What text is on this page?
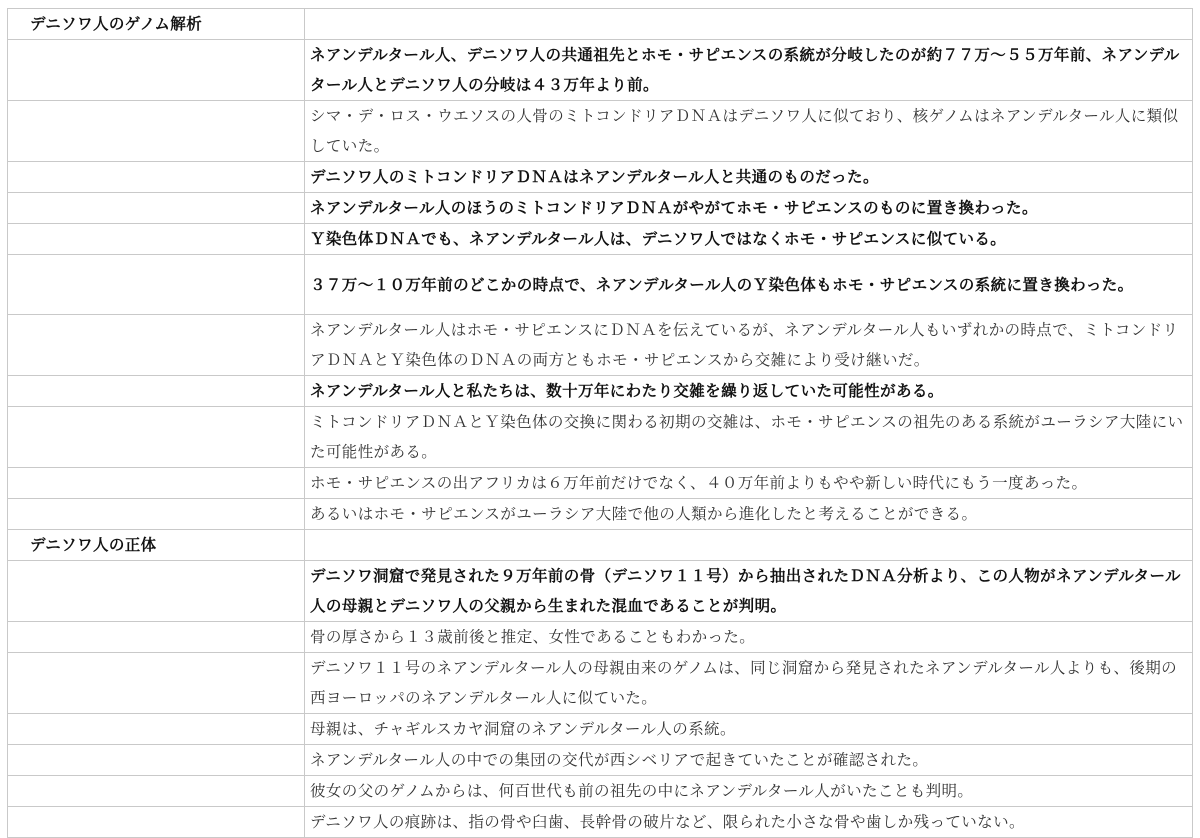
デニソワ人のゲノム解析	
	ネアンデルタール人、デニソワ人の共通祖先とホモ・サピエンスの系統が分岐したのが約７７万～５５万年前、ネアンデルタール人とデニソワ人の分岐は４３万年より前。
	シマ・デ・ロス・ウエソスの人骨のミトコンドリアＤＮＡはデニソワ人に似ており、核ゲノムはネアンデルタール人に類似していた。
	デニソワ人のミトコンドリアＤＮＡはネアンデルタール人と共通のものだった。
	ネアンデルタール人のほうのミトコンドリアＤＮＡがやがてホモ・サピエンスのものに置き換わった。
	Ｙ染色体ＤＮＡでも、ネアンデルタール人は、デニソワ人ではなくホモ・サピエンスに似ている。
	３７万～１０万年前のどこかの時点で、ネアンデルタール人のＹ染色体もホモ・サピエンスの系統に置き換わった。
	ネアンデルタール人はホモ・サピエンスにＤＮＡを伝えているが、ネアンデルタール人もいずれかの時点で、ミトコンドリアＤＮＡとＹ染色体のＤＮＡの両方ともホモ・サピエンスから交雑により受け継いだ。
	ネアンデルタール人と私たちは、数十万年にわたり交雑を繰り返していた可能性がある。
	ミトコンドリアＤＮＡとＹ染色体の交換に関わる初期の交雑は、ホモ・サピエンスの祖先のある系統がユーラシア大陸にいた可能性がある。
	ホモ・サピエンスの出アフリカは６万年前だけでなく、４０万年前よりもやや新しい時代にもう一度あった。
	あるいはホモ・サピエンスがユーラシア大陸で他の人類から進化したと考えることができる。
デニソワ人の正体	
	デニソワ洞窟で発見された９万年前の骨（デニソワ１１号）から抽出されたＤＮＡ分析より、この人物がネアンデルタール人の母親とデニソワ人の父親から生まれた混血であることが判明。
	骨の厚さから１３歳前後と推定、女性であることもわかった。
	デニソワ１１号のネアンデルタール人の母親由来のゲノムは、同じ洞窟から発見されたネアンデルタール人よりも、後期の西ヨーロッパのネアンデルタール人に似ていた。
	母親は、チャギルスカヤ洞窟のネアンデルタール人の系統。
	ネアンデルタール人の中での集団の交代が西シベリアで起きていたことが確認された。
	彼女の父のゲノムからは、何百世代も前の祖先の中にネアンデルタール人がいたことも判明。
	デニソワ人の痕跡は、指の骨や臼歯、長幹骨の破片など、限られた小さな骨や歯しか残っていない。
